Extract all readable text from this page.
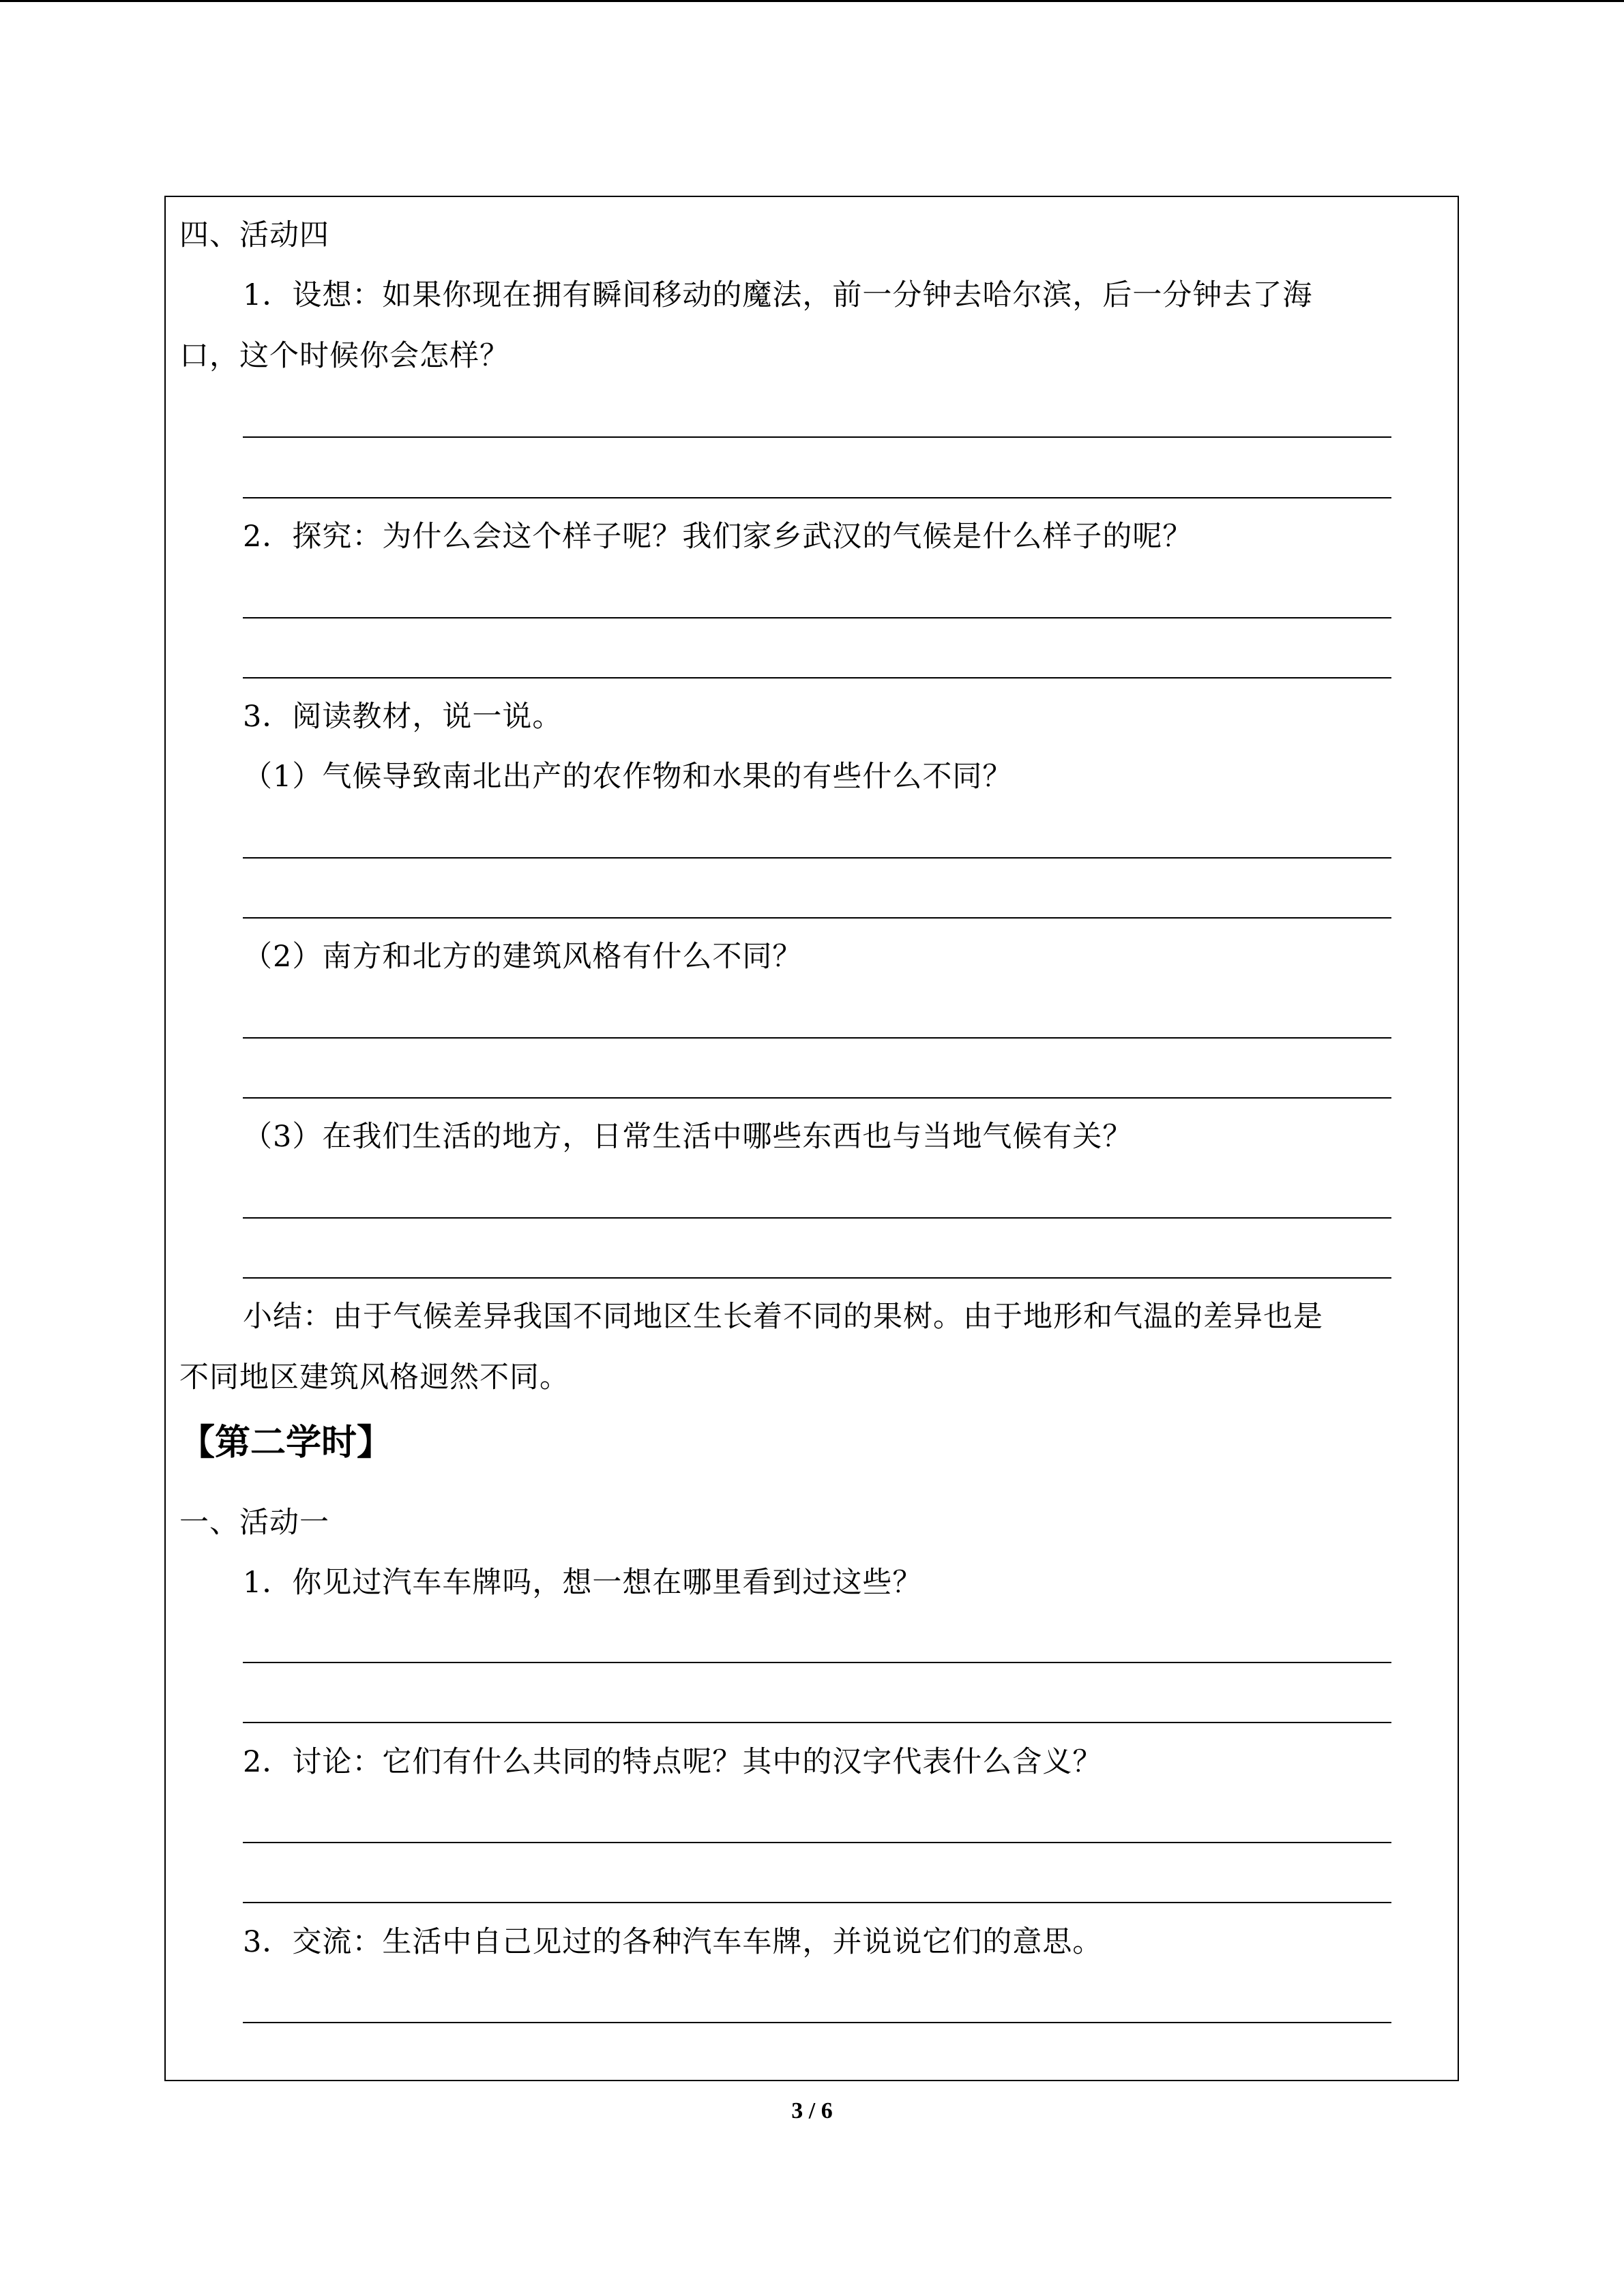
四、活动四
1．设想：如果你现在拥有瞬间移动的魔法，前一分钟去哈尔滨，后一分钟去了海
口，这个时候你会怎样？
2．探究：为什么会这个样子呢？我们家乡武汉的气候是什么样子的呢？
3．阅读教材，说一说。
（1）气候导致南北出产的农作物和水果的有些什么不同？
（2）南方和北方的建筑风格有什么不同？
（3）在我们生活的地方，日常生活中哪些东西也与当地气候有关？
小结：由于气候差异我国不同地区生长着不同的果树。由于地形和气温的差异也是
不同地区建筑风格迥然不同。
【第二学时】
一、活动一
1．你见过汽车车牌吗，想一想在哪里看到过这些？
2．讨论：它们有什么共同的特点呢？其中的汉字代表什么含义？
3．交流：生活中自己见过的各种汽车车牌，并说说它们的意思。
3 / 6
